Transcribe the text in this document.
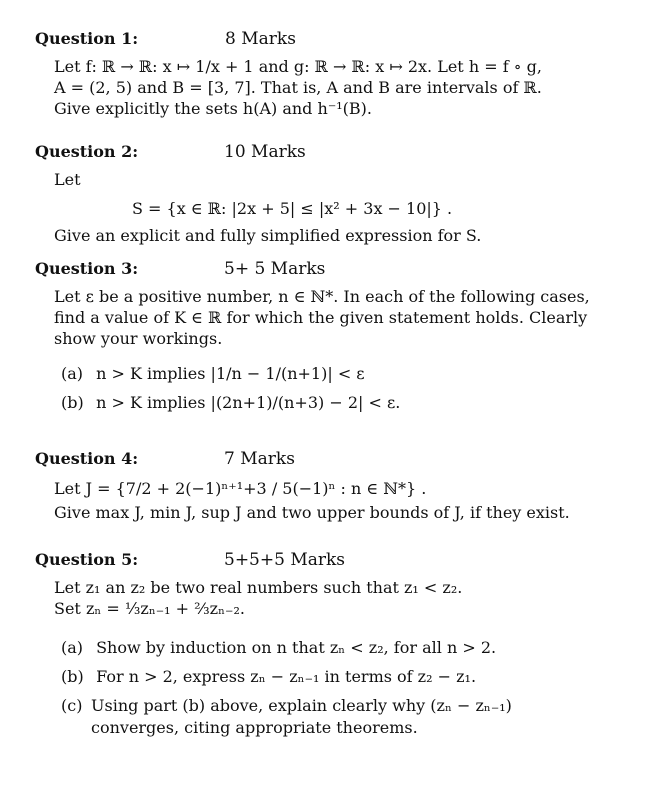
Question 1:	8 Marks
Let f: ℝ → ℝ: x ↦ 1/x + 1 and g: ℝ → ℝ: x ↦ 2x. Let h = f ∘ g,
A = (2, 5) and B = [3, 7]. That is, A and B are intervals of ℝ.
Give explicitly the sets h(A) and h⁻¹(B).
Question 2:	10 Marks
Let
S = {x ∈ ℝ: |2x + 5| ≤ |x² + 3x − 10|} .
Give an explicit and fully simplified expression for S.
Question 3:	5+ 5 Marks
Let ε be a positive number, n ∈ ℕ*. In each of the following cases,
find a value of K ∈ ℝ for which the given statement holds. Clearly
show your workings.
(a) n > K implies |1/n − 1/(n+1)| < ε
(b) n > K implies |(2n+1)/(n+3) − 2| < ε.
Question 4:	7 Marks
Let J = {7/2 + 2(−1)ⁿ⁺¹+3 / 5(−1)ⁿ : n ∈ ℕ*} .
Give max J, min J, sup J and two upper bounds of J, if they exist.
Question 5:	5+5+5 Marks
Let z₁ an z₂ be two real numbers such that z₁ < z₂.
Set zₙ = ⅓zₙ₋₁ + ⅔zₙ₋₂.
(a) Show by induction on n that zₙ < z₂, for all n > 2.
(b) For n > 2, express zₙ − zₙ₋₁ in terms of z₂ − z₁.
(c) Using part (b) above, explain clearly why (zₙ − zₙ₋₁) converges, citing appropriate theorems.
